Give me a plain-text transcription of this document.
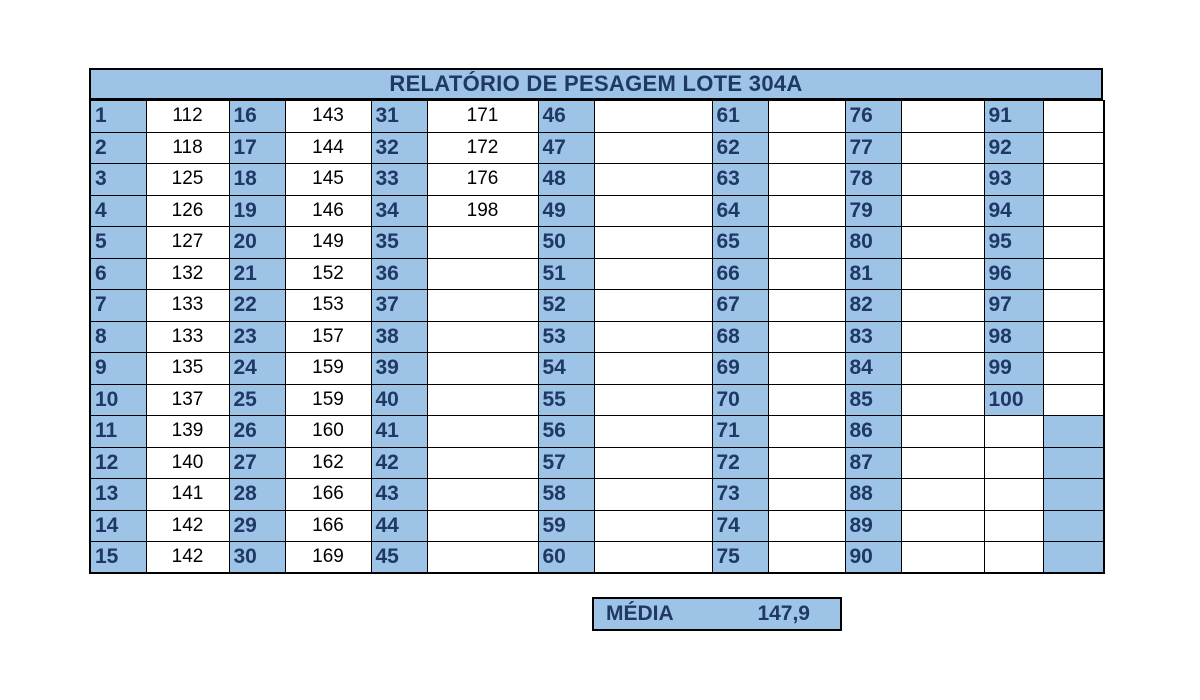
RELATÓRIO DE PESAGEM LOTE 304A
1	112	16	143	31	171	46		61		76		91	
2	118	17	144	32	172	47		62		77		92	
3	125	18	145	33	176	48		63		78		93	
4	126	19	146	34	198	49		64		79		94	
5	127	20	149	35		50		65		80		95	
6	132	21	152	36		51		66		81		96	
7	133	22	153	37		52		67		82		97	
8	133	23	157	38		53		68		83		98	
9	135	24	159	39		54		69		84		99	
10	137	25	159	40		55		70		85		100	
11	139	26	160	41		56		71		86			
12	140	27	162	42		57		72		87			
13	141	28	166	43		58		73		88			
14	142	29	166	44		59		74		89			
15	142	30	169	45		60		75		90			
MÉDIA	147,9
